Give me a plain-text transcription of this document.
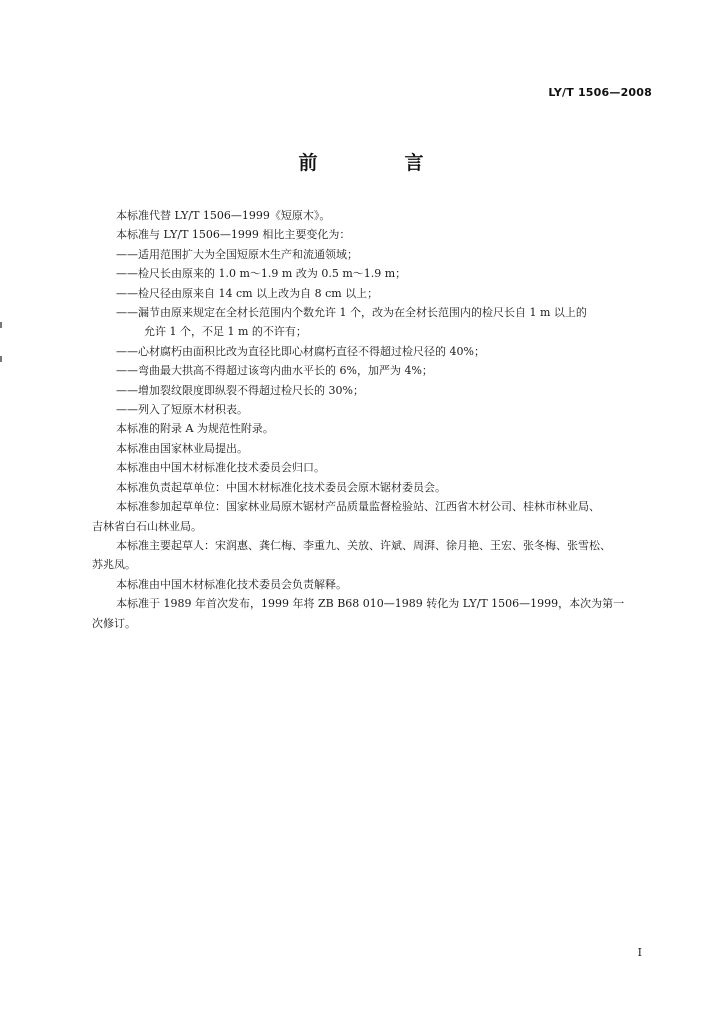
LY/T 1506—2008
前　言

本标准代替 LY/T 1506—1999《短原木》。

本标准与 LY/T 1506—1999 相比主要变化为：

——适用范围扩大为全国短原木生产和流通领域；

——检尺长由原来的 1.0 m～1.9 m 改为 0.5 m～1.9 m；

——检尺径由原来自 14 cm 以上改为自 8 cm 以上；

——漏节由原来规定在全材长范围内个数允许 1 个，改为在全材长范围内的检尺长自 1 m 以上的

允许 1 个，不足 1 m 的不许有；

——心材腐朽由面积比改为直径比即心材腐朽直径不得超过检尺径的 40%；

——弯曲最大拱高不得超过该弯内曲水平长的 6%，加严为 4%；

——增加裂纹限度即纵裂不得超过检尺长的 30%；

——列入了短原木材积表。

本标准的附录 A 为规范性附录。

本标准由国家林业局提出。

本标准由中国木材标准化技术委员会归口。

本标准负责起草单位：中国木材标准化技术委员会原木锯材委员会。

本标准参加起草单位：国家林业局原木锯材产品质量监督检验站、江西省木材公司、桂林市林业局、

吉林省白石山林业局。

本标准主要起草人：宋润惠、龚仁梅、李重九、关放、许斌、周湃、徐月艳、王宏、张冬梅、张雪松、

苏兆凤。

本标准由中国木材标准化技术委员会负责解释。

本标准于 1989 年首次发布，1999 年将 ZB B68 010—1989 转化为 LY/T 1506—1999，本次为第一

次修订。

I
